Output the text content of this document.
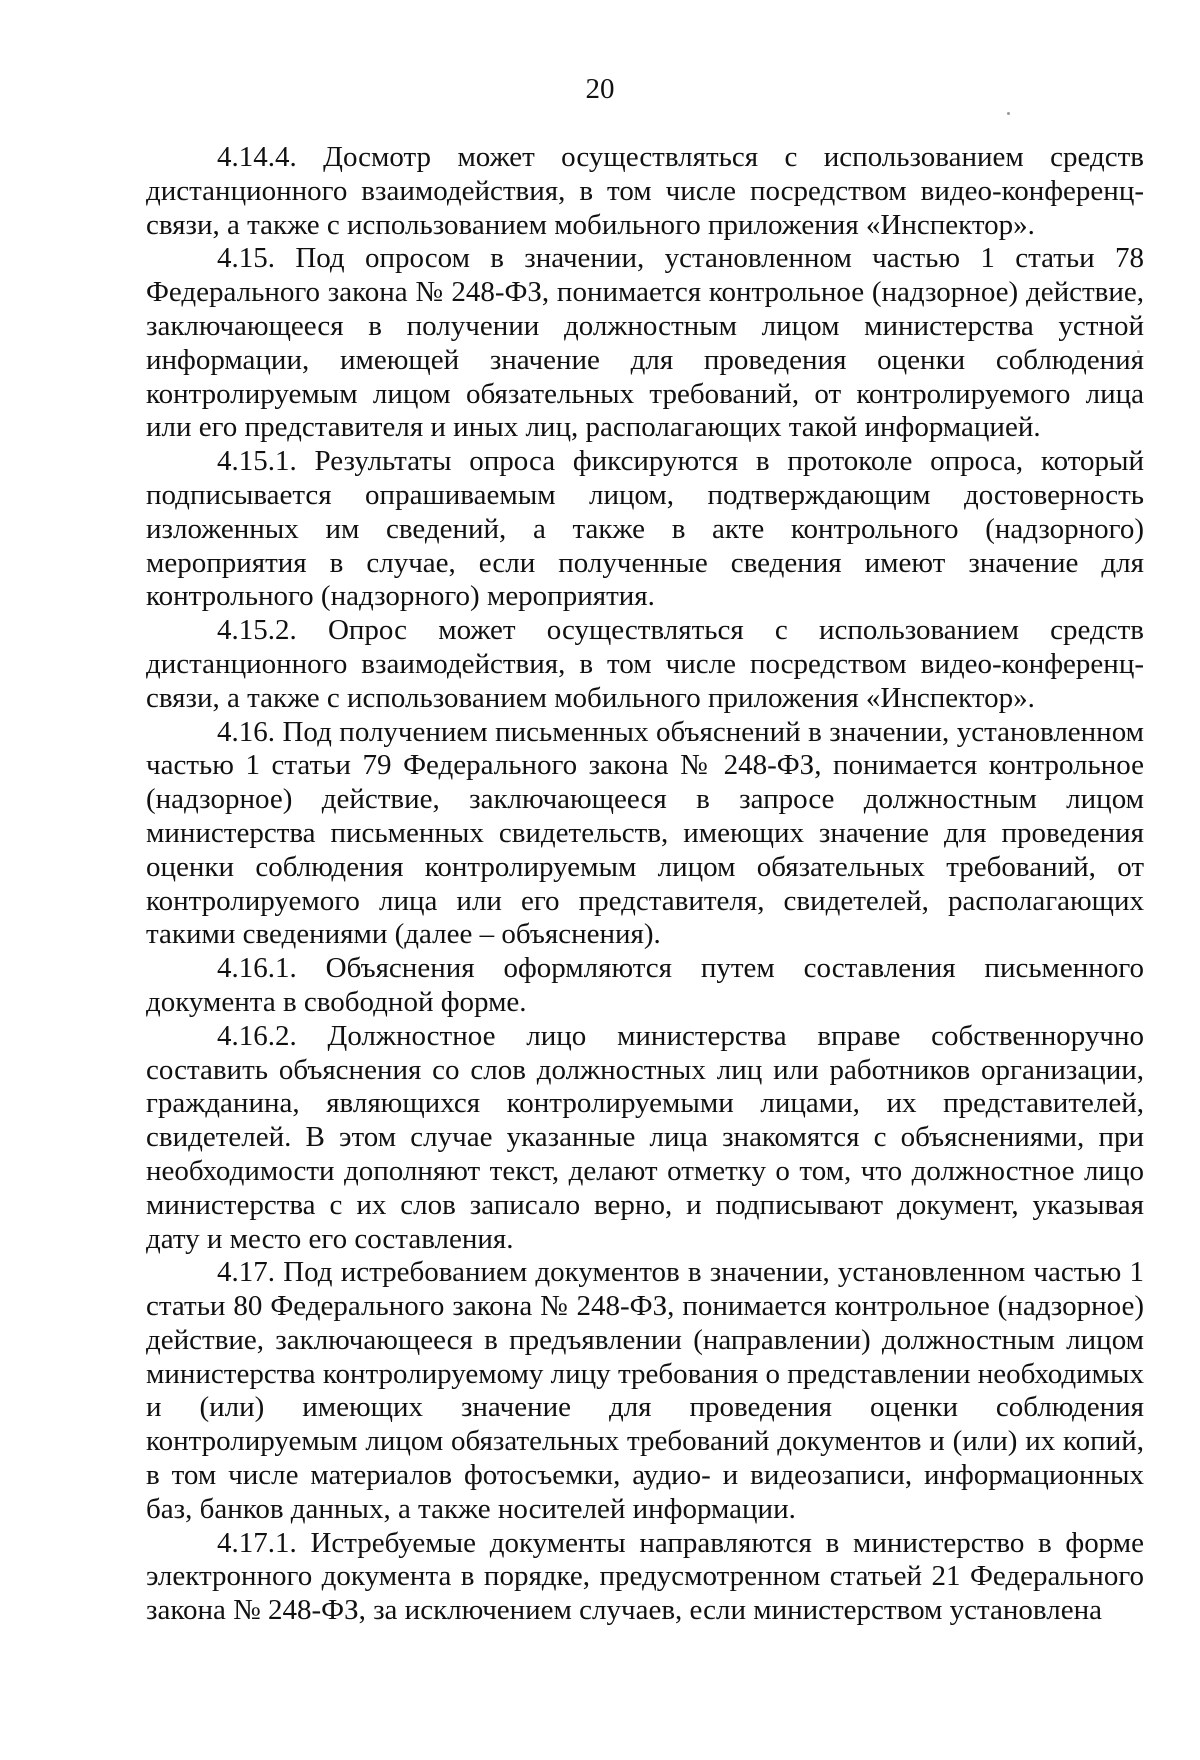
20

4.14.4. Досмотр может осуществляться с использованием средств дистанционного взаимодействия, в том числе посредством видео-конференц-связи, а также с использованием мобильного приложения «Инспектор».

4.15. Под опросом в значении, установленном частью 1 статьи 78 Федерального закона № 248-ФЗ, понимается контрольное (надзорное) действие, заключающееся в получении должностным лицом министерства устной информации, имеющей значение для проведения оценки соблюдения контролируемым лицом обязательных требований, от контролируемого лица или его представителя и иных лиц, располагающих такой информацией.

4.15.1. Результаты опроса фиксируются в протоколе опроса, который подписывается опрашиваемым лицом, подтверждающим достоверность изложенных им сведений, а также в акте контрольного (надзорного) мероприятия в случае, если полученные сведения имеют значение для контрольного (надзорного) мероприятия.

4.15.2. Опрос может осуществляться с использованием средств дистанционного взаимодействия, в том числе посредством видео-конференц-связи, а также с использованием мобильного приложения «Инспектор».

4.16. Под получением письменных объяснений в значении, установленном частью 1 статьи 79 Федерального закона № 248-ФЗ, понимается контрольное (надзорное) действие, заключающееся в запросе должностным лицом министерства письменных свидетельств, имеющих значение для проведения оценки соблюдения контролируемым лицом обязательных требований, от контролируемого лица или его представителя, свидетелей, располагающих такими сведениями (далее – объяснения).

4.16.1. Объяснения оформляются путем составления письменного документа в свободной форме.

4.16.2. Должностное лицо министерства вправе собственноручно составить объяснения со слов должностных лиц или работников организации, гражданина, являющихся контролируемыми лицами, их представителей, свидетелей. В этом случае указанные лица знакомятся с объяснениями, при необходимости дополняют текст, делают отметку о том, что должностное лицо министерства с их слов записало верно, и подписывают документ, указывая дату и место его составления.

4.17. Под истребованием документов в значении, установленном частью 1 статьи 80 Федерального закона № 248-ФЗ, понимается контрольное (надзорное) действие, заключающееся в предъявлении (направлении) должностным лицом министерства контролируемому лицу требования о представлении необходимых и (или) имеющих значение для проведения оценки соблюдения контролируемым лицом обязательных требований документов и (или) их копий, в том числе материалов фотосъемки, аудио- и видеозаписи, информационных баз, банков данных, а также носителей информации.

4.17.1. Истребуемые документы направляются в министерство в форме электронного документа в порядке, предусмотренном статьей 21 Федерального закона № 248-ФЗ, за исключением случаев, если министерством установлена
